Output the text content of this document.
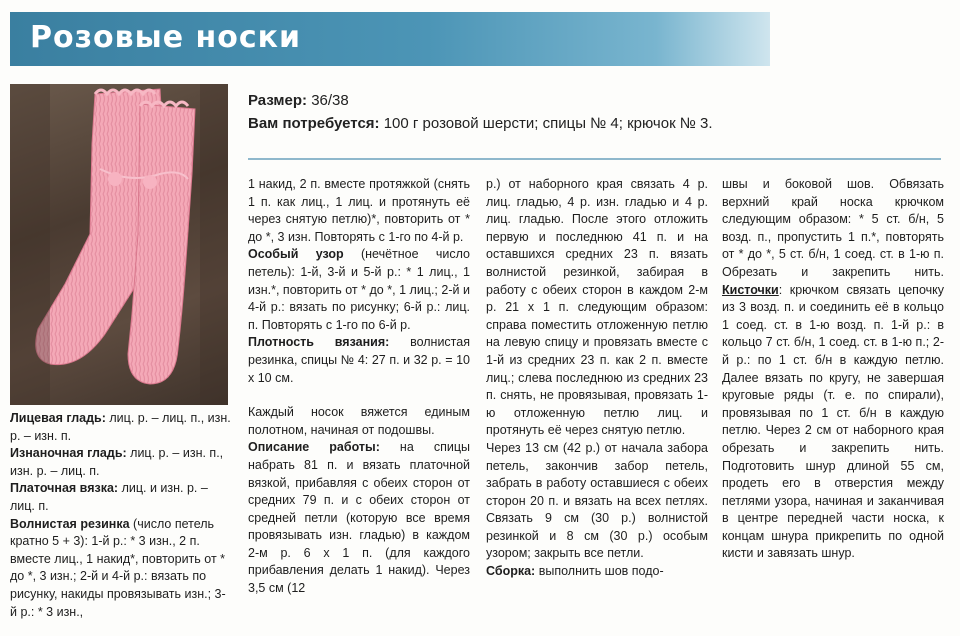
Розовые носки
Размер: 36/38
Вам потребуется: 100 г розовой шерсти; спицы № 4; крючок № 3.

Лицевая гладь: лиц. р. – лиц. п., изн. р. – изн. п.

Изнаночная гладь: лиц. р. – изн. п., изн. р. – лиц. п.

Платочная вязка: лиц. и изн. р. – лиц. п.

Волнистая резинка (число петель кратно 5 + 3): 1-й р.: * 3 изн., 2 п. вместе лиц., 1 накид*, повторить от * до *, 3 изн.; 2-й и 4-й р.: вязать по рисунку, накиды провязывать изн.; 3-й р.: * 3 изн.,

1 накид, 2 п. вместе протяжкой (снять 1 п. как лиц., 1 лиц. и протянуть её через снятую петлю)*, повторить от * до *, 3 изн. Повторять с 1-го по 4-й р.

Особый узор (нечётное число петель): 1-й, 3-й и 5-й р.: * 1 лиц., 1 изн.*, повторить от * до *, 1 лиц.; 2-й и 4-й р.: вязать по рисунку; 6-й р.: лиц. п. Повторять с 1-го по 6-й р.

Плотность вязания: волнистая резинка, спицы № 4: 27 п. и 32 р. = 10 х 10 см.

Каждый носок вяжется единым полотном, начиная от подошвы.

Описание работы: на спицы набрать 81 п. и вязать платочной вязкой, прибавляя с обеих сторон от средних 79 п. и с обеих сторон от средней петли (которую все время провязывать изн. гладью) в каждом 2-м р. 6 х 1 п. (для каждого прибавления делать 1 накид). Через 3,5 см (12

р.) от наборного края связать 4 р. лиц. гладью, 4 р. изн. гладью и 4 р. лиц. гладью. После этого отложить первую и последнюю 41 п. и на оставшихся средних 23 п. вязать волнистой резинкой, забирая в работу с обеих сторон в каждом 2-м р. 21 х 1 п. следующим образом: справа поместить отложенную петлю на левую спицу и провязать вместе с 1-й из средних 23 п. как 2 п. вместе лиц.; слева последнюю из средних 23 п. снять, не провязывая, провязать 1-ю отложенную петлю лиц. и протянуть её через снятую петлю.

Через 13 см (42 р.) от начала забора петель, закончив забор петель, забрать в работу оставшиеся с обеих сторон 20 п. и вязать на всех петлях. Связать 9 см (30 р.) волнистой резинкой и 8 см (30 р.) особым узором; закрыть все петли.

Сборка: выполнить шов подо-

швы и боковой шов. Обвязать верхний край носка крючком следующим образом: * 5 ст. б/н, 5 возд. п., пропустить 1 п.*, повторять от * до *, 5 ст. б/н, 1 соед. ст. в 1-ю п. Обрезать и закрепить нить. Кисточки: крючком связать цепочку из 3 возд. п. и соединить её в кольцо 1 соед. ст. в 1-ю возд. п. 1-й р.: в кольцо 7 ст. б/н, 1 соед. ст. в 1-ю п.; 2-й р.: по 1 ст. б/н в каждую петлю. Далее вязать по кругу, не завершая круговые ряды (т. е. по спирали), провязывая по 1 ст. б/н в каждую петлю. Через 2 см от наборного края обрезать и закрепить нить. Подготовить шнур длиной 55 см, продеть его в отверстия между петлями узора, начиная и заканчивая в центре передней части носка, к концам шнура прикрепить по одной кисти и завязать шнур.
